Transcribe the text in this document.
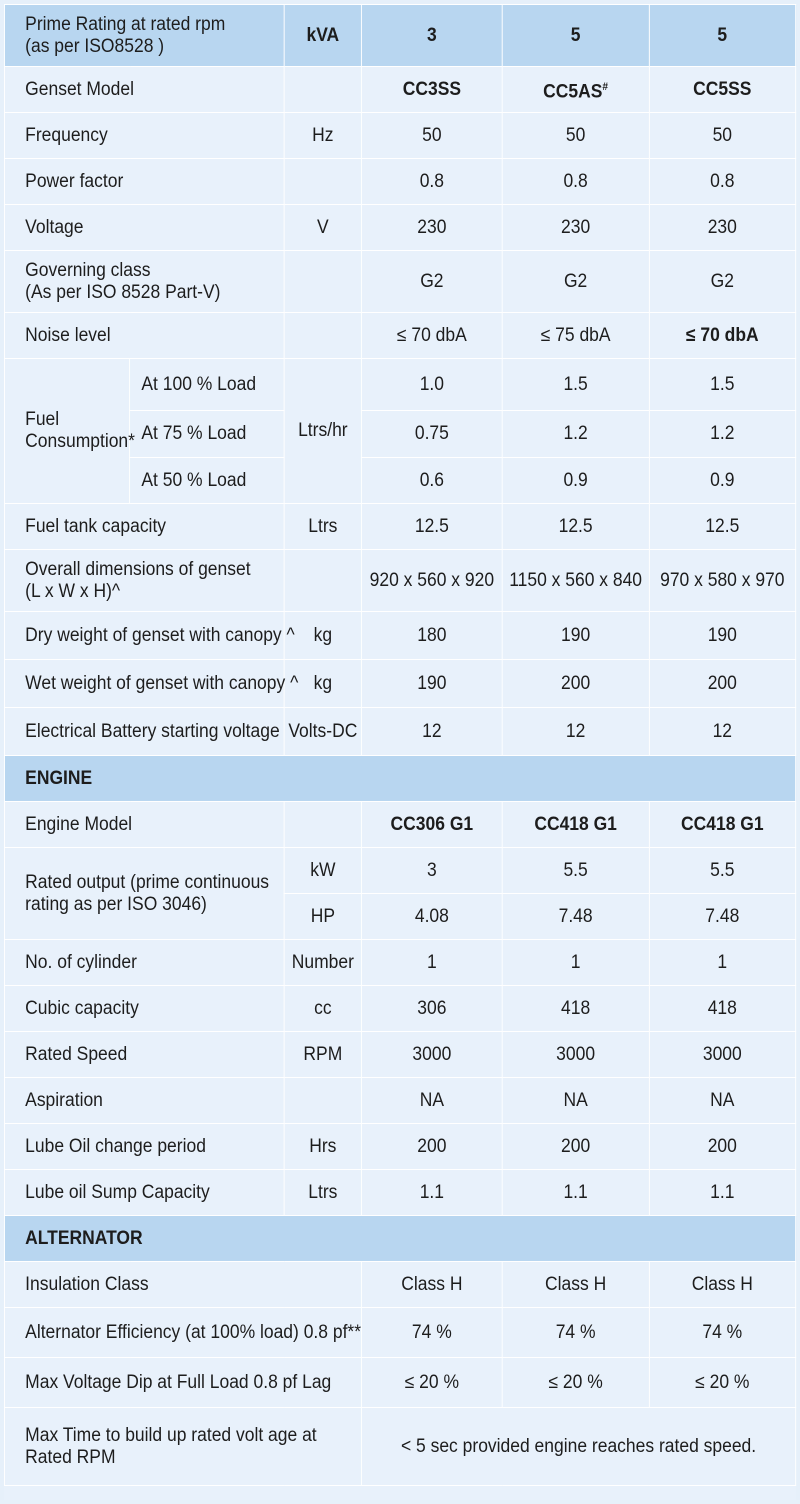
Prime Rating at rated rpm
(as per ISO8528 )		kVA	3	5	5
Genset Model			CC3SS	CC5AS#	CC5SS
Frequency		Hz	50	50	50
Power factor			0.8	0.8	0.8
Voltage		V	230	230	230
Governing class
(As per ISO 8528 Part-V)			G2	G2	G2
Noise level			≤ 70 dbA	≤ 75 dbA	≤ 70 dbA
Fuel
Consumption*	At 100 % Load	Ltrs/hr	1.0	1.5	1.5
	At 75 % Load		0.75	1.2	1.2
	At 50 % Load		0.6	0.9	0.9
Fuel tank capacity		Ltrs	12.5	12.5	12.5
Overall dimensions of genset
(L x W x H)^			920 x 560 x 920	1150 x 560 x 840	970 x 580 x 970
Dry weight of genset with canopy ^		kg	180	190	190
Wet weight of genset with canopy ^		kg	190	200	200
Electrical Battery starting voltage		Volts-DC	12	12	12
ENGINE					
Engine Model			CC306 G1	CC418 G1	CC418 G1
Rated output (prime continuous
rating as per ISO 3046)		kW	3	5.5	5.5
		HP	4.08	7.48	7.48
No. of cylinder		Number	1	1	1
Cubic capacity		cc	306	418	418
Rated Speed		RPM	3000	3000	3000
Aspiration			NA	NA	NA
Lube Oil change period		Hrs	200	200	200
Lube oil Sump Capacity		Ltrs	1.1	1.1	1.1
ALTERNATOR					
Insulation Class			Class H	Class H	Class H
Alternator Efficiency (at 100% load) 0.8 pf**			74 %	74 %	74 %
Max Voltage Dip at Full Load 0.8 pf Lag			≤ 20 %	≤ 20 %	≤ 20 %
Max Time to build up rated volt age at
Rated RPM			< 5 sec provided engine reaches rated speed.		
